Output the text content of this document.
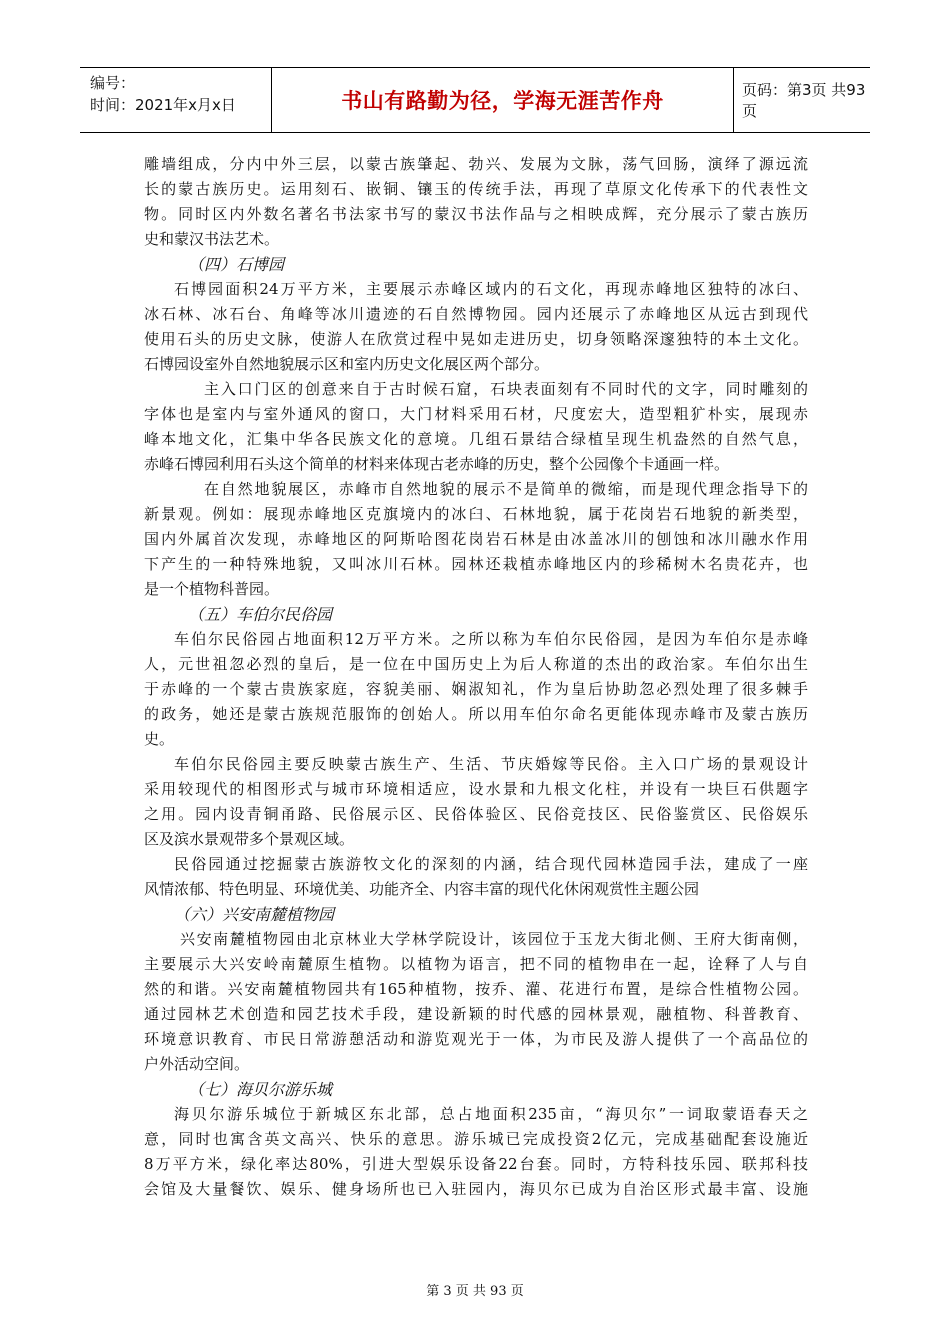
编号：
时间：2021年x月x日	书山有路勤为径，学海无涯苦作舟	页码：第3页 共93页
雕墙组成，分内中外三层，以蒙古族肇起、勃兴、发展为文脉，荡气回肠，演绎了源远流
长的蒙古族历史。运用刻石、嵌铜、镶玉的传统手法，再现了草原文化传承下的代表性文
物。同时区内外数名著名书法家书写的蒙汉书法作品与之相映成辉，充分展示了蒙古族历
史和蒙汉书法艺术。
（四）石博园
石博园面积24万平方米，主要展示赤峰区域内的石文化，再现赤峰地区独特的冰臼、
冰石林、冰石台、角峰等冰川遗迹的石自然博物园。园内还展示了赤峰地区从远古到现代
使用石头的历史文脉，使游人在欣赏过程中晃如走进历史，切身领略深邃独特的本土文化。
石博园设室外自然地貌展示区和室内历史文化展区两个部分。
主入口门区的创意来自于古时候石窟，石块表面刻有不同时代的文字，同时雕刻的
字体也是室内与室外通风的窗口，大门材料采用石材，尺度宏大，造型粗犷朴实，展现赤
峰本地文化，汇集中华各民族文化的意境。几组石景结合绿植呈现生机盎然的自然气息，
赤峰石博园利用石头这个简单的材料来体现古老赤峰的历史，整个公园像个卡通画一样。
在自然地貌展区，赤峰市自然地貌的展示不是简单的微缩，而是现代理念指导下的
新景观。例如：展现赤峰地区克旗境内的冰臼、石林地貌，属于花岗岩石地貌的新类型，
国内外属首次发现，赤峰地区的阿斯哈图花岗岩石林是由冰盖冰川的刨蚀和冰川融水作用
下产生的一种特殊地貌，又叫冰川石林。园林还栽植赤峰地区内的珍稀树木名贵花卉，也
是一个植物科普园。
（五）车伯尔民俗园
车伯尔民俗园占地面积12万平方米。之所以称为车伯尔民俗园，是因为车伯尔是赤峰
人，元世祖忽必烈的皇后，是一位在中国历史上为后人称道的杰出的政治家。车伯尔出生
于赤峰的一个蒙古贵族家庭，容貌美丽、娴淑知礼，作为皇后协助忽必烈处理了很多棘手
的政务，她还是蒙古族规范服饰的创始人。所以用车伯尔命名更能体现赤峰市及蒙古族历
史。
车伯尔民俗园主要反映蒙古族生产、生活、节庆婚嫁等民俗。主入口广场的景观设计
采用较现代的相图形式与城市环境相适应，设水景和九根文化柱，并设有一块巨石供题字
之用。园内设青铜甬路、民俗展示区、民俗体验区、民俗竞技区、民俗鉴赏区、民俗娱乐
区及滨水景观带多个景观区域。
民俗园通过挖掘蒙古族游牧文化的深刻的内涵，结合现代园林造园手法，建成了一座
风情浓郁、特色明显、环境优美、功能齐全、内容丰富的现代化休闲观赏性主题公园
（六）兴安南麓植物园
兴安南麓植物园由北京林业大学林学院设计，该园位于玉龙大街北侧、王府大街南侧，
主要展示大兴安岭南麓原生植物。以植物为语言，把不同的植物串在一起，诠释了人与自
然的和谐。兴安南麓植物园共有165种植物，按乔、灌、花进行布置，是综合性植物公园。
通过园林艺术创造和园艺技术手段，建设新颖的时代感的园林景观，融植物、科普教育、
环境意识教育、市民日常游憩活动和游览观光于一体，为市民及游人提供了一个高品位的
户外活动空间。
（七）海贝尔游乐城
海贝尔游乐城位于新城区东北部，总占地面积235亩，“海贝尔”一词取蒙语春天之
意，同时也寓含英文高兴、快乐的意思。游乐城已完成投资2亿元，完成基础配套设施近
8万平方米，绿化率达80%，引进大型娱乐设备22台套。同时，方特科技乐园、联邦科技
会馆及大量餐饮、娱乐、健身场所也已入驻园内，海贝尔已成为自治区形式最丰富、设施
第 3 页 共 93 页
